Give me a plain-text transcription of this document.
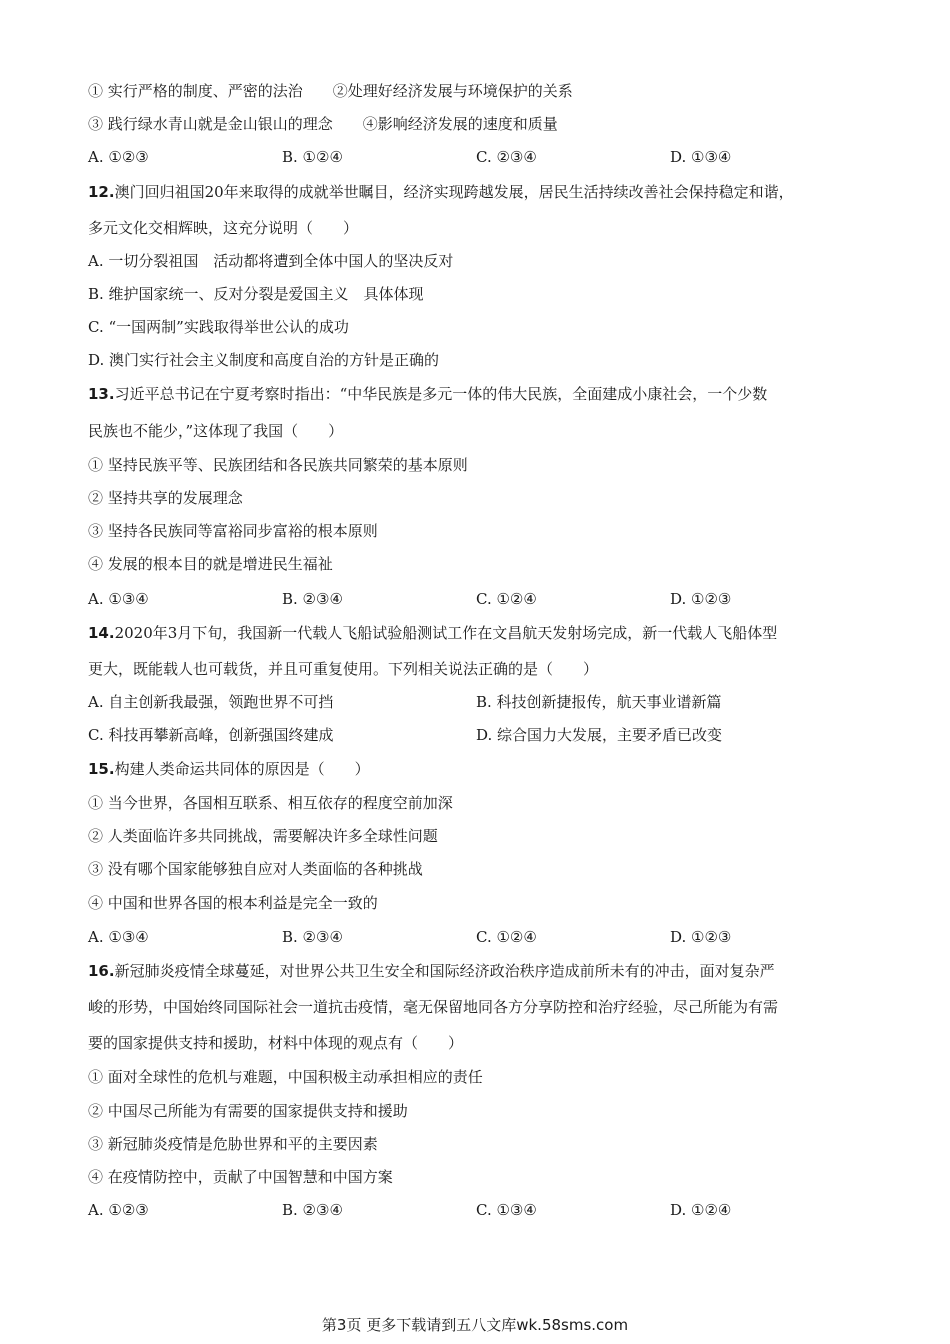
① 实行严格的制度、严密的法治　　②处理好经济发展与环境保护的关系
③ 践行绿水青山就是金山银山的理念　　④影响经济发展的速度和质量
A. ①②③	B. ①②④	C. ②③④	D. ①③④
12.澳门回归祖国20年来取得的成就举世瞩目，经济实现跨越发展，居民生活持续改善社会保持稳定和谐，
多元文化交相辉映，这充分说明（　　）
A. 一切分裂祖国　活动都将遭到全体中国人的坚决反对
B. 维护国家统一、反对分裂是爱国主义　具体体现
C. “一国两制”实践取得举世公认的成功
D. 澳门实行社会主义制度和高度自治的方针是正确的
13.习近平总书记在宁夏考察时指出：“中华民族是多元一体的伟大民族，全面建成小康社会，一个少数
民族也不能少，”这体现了我国（　　）
① 坚持民族平等、民族团结和各民族共同繁荣的基本原则
② 坚持共享的发展理念
③ 坚持各民族同等富裕同步富裕的根本原则
④ 发展的根本目的就是增进民生福祉
A. ①③④	B. ②③④	C. ①②④	D. ①②③
14.2020年3月下旬，我国新一代载人飞船试验船测试工作在文昌航天发射场完成，新一代载人飞船体型
更大，既能载人也可载货，并且可重复使用。下列相关说法正确的是（　　）
A. 自主创新我最强，领跑世界不可挡	B. 科技创新捷报传，航天事业谱新篇
C. 科技再攀新高峰，创新强国终建成	D. 综合国力大发展，主要矛盾已改变
15.构建人类命运共同体的原因是（　　）
① 当今世界，各国相互联系、相互依存的程度空前加深
② 人类面临许多共同挑战，需要解决许多全球性问题
③ 没有哪个国家能够独自应对人类面临的各种挑战
④ 中国和世界各国的根本利益是完全一致的
A. ①③④	B. ②③④	C. ①②④	D. ①②③
16.新冠肺炎疫情全球蔓延，对世界公共卫生安全和国际经济政治秩序造成前所未有的冲击，面对复杂严
峻的形势，中国始终同国际社会一道抗击疫情，毫无保留地同各方分享防控和治疗经验，尽己所能为有需
要的国家提供支持和援助，材料中体现的观点有（　　）
① 面对全球性的危机与难题，中国积极主动承担相应的责任
② 中国尽己所能为有需要的国家提供支持和援助
③ 新冠肺炎疫情是危胁世界和平的主要因素
④ 在疫情防控中，贡献了中国智慧和中国方案
A. ①②③	B. ②③④	C. ①③④	D. ①②④
第3页 更多下载请到五八文库wk.58sms.com
